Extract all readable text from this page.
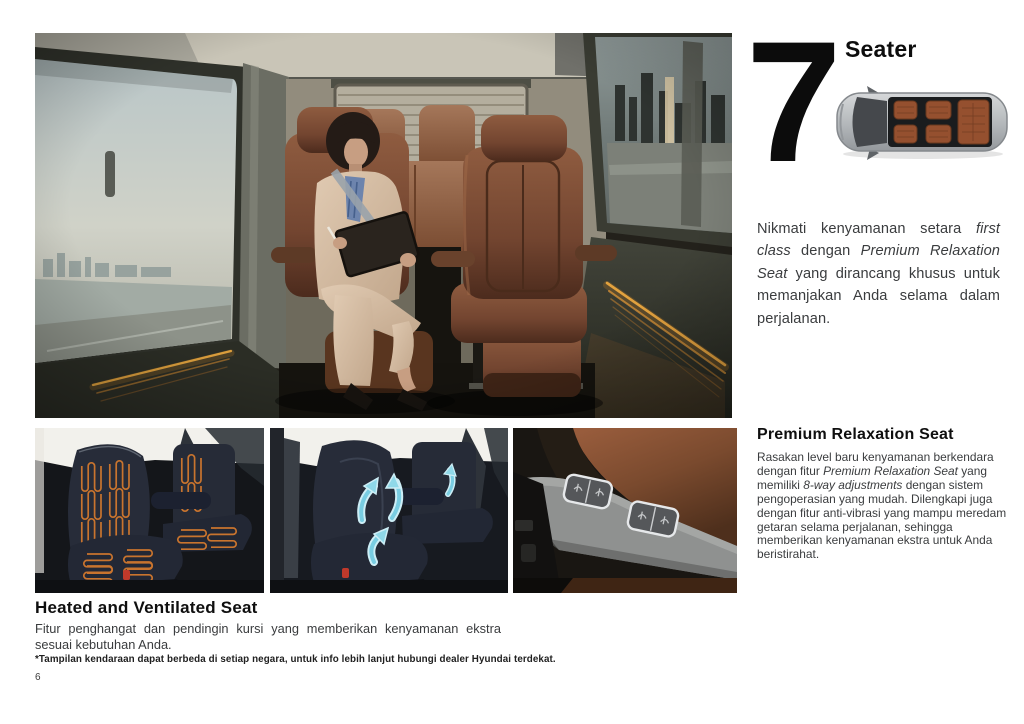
7 Seater

Nikmati kenyamanan setara first class dengan Premium Relaxation Seat yang dirancang khusus untuk memanjakan Anda selama dalam perjalanan.

Premium Relaxation Seat

Rasakan level baru kenyamanan berkendara dengan fitur Premium Relaxation Seat yang memiliki 8-way adjustments dengan sistem pengoperasian yang mudah. Dilengkapi juga dengan fitur anti-vibrasi yang mampu meredam getaran selama perjalanan, sehingga memberikan kenyamanan ekstra untuk Anda beristirahat.

Heated and Ventilated Seat

Fitur penghangat dan pendingin kursi yang memberikan kenyamanan ekstra sesuai kebutuhan Anda.

*Tampilan kendaraan dapat berbeda di setiap negara, untuk info lebih lanjut hubungi dealer Hyundai terdekat.
6
